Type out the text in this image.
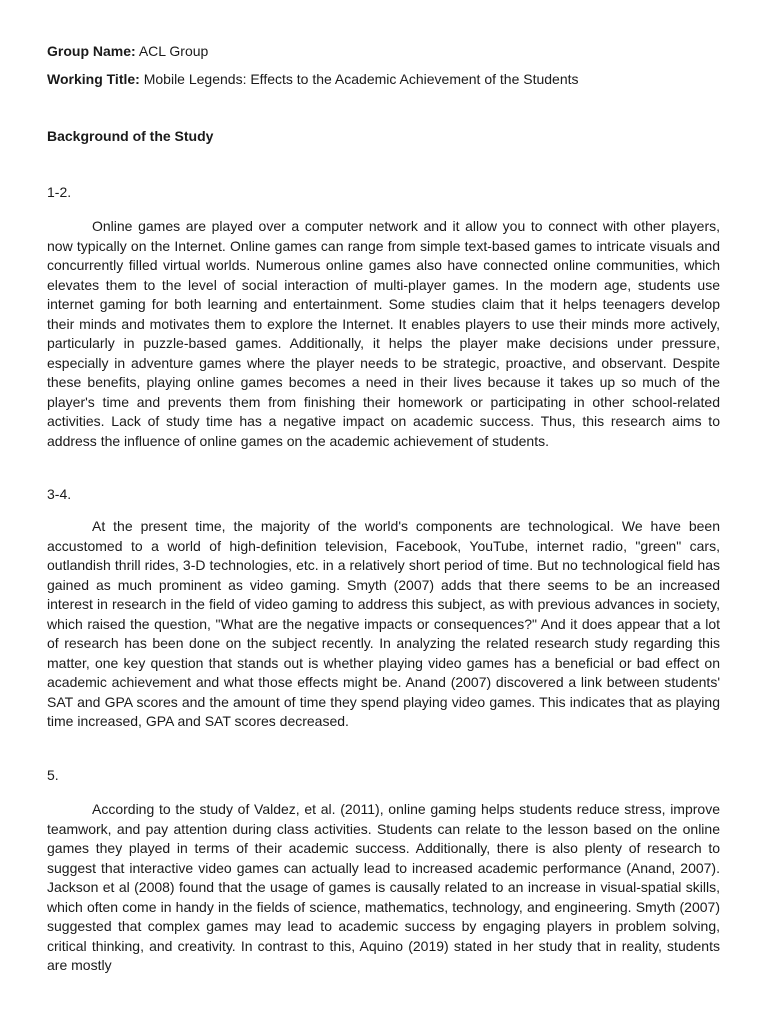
Group Name: ACL Group
Working Title: Mobile Legends: Effects to the Academic Achievement of the Students
Background of the Study
1-2.

Online games are played over a computer network and it allow you to connect with other players, now typically on the Internet. Online games can range from simple text-based games to intricate visuals and concurrently filled virtual worlds. Numerous online games also have connected online communities, which elevates them to the level of social interaction of multi-player games. In the modern age, students use internet gaming for both learning and entertainment. Some studies claim that it helps teenagers develop their minds and motivates them to explore the Internet. It enables players to use their minds more actively, particularly in puzzle-based games. Additionally, it helps the player make decisions under pressure, especially in adventure games where the player needs to be strategic, proactive, and observant. Despite these benefits, playing online games becomes a need in their lives because it takes up so much of the player's time and prevents them from finishing their homework or participating in other school-related activities. Lack of study time has a negative impact on academic success. Thus, this research aims to address the influence of online games on the academic achievement of students.

3-4.

At the present time, the majority of the world's components are technological. We have been accustomed to a world of high-definition television, Facebook, YouTube, internet radio, "green" cars, outlandish thrill rides, 3-D technologies, etc. in a relatively short period of time. But no technological field has gained as much prominent as video gaming. Smyth (2007) adds that there seems to be an increased interest in research in the field of video gaming to address this subject, as with previous advances in society, which raised the question, "What are the negative impacts or consequences?" And it does appear that a lot of research has been done on the subject recently. In analyzing the related research study regarding this matter, one key question that stands out is whether playing video games has a beneficial or bad effect on academic achievement and what those effects might be. Anand (2007) discovered a link between students' SAT and GPA scores and the amount of time they spend playing video games. This indicates that as playing time increased, GPA and SAT scores decreased.

5.

According to the study of Valdez, et al. (2011), online gaming helps students reduce stress, improve teamwork, and pay attention during class activities. Students can relate to the lesson based on the online games they played in terms of their academic success. Additionally, there is also plenty of research to suggest that interactive video games can actually lead to increased academic performance (Anand, 2007). Jackson et al (2008) found that the usage of games is causally related to an increase in visual-spatial skills, which often come in handy in the fields of science, mathematics, technology, and engineering. Smyth (2007) suggested that complex games may lead to academic success by engaging players in problem solving, critical thinking, and creativity. In contrast to this, Aquino (2019) stated in her study that in reality, students are mostly
